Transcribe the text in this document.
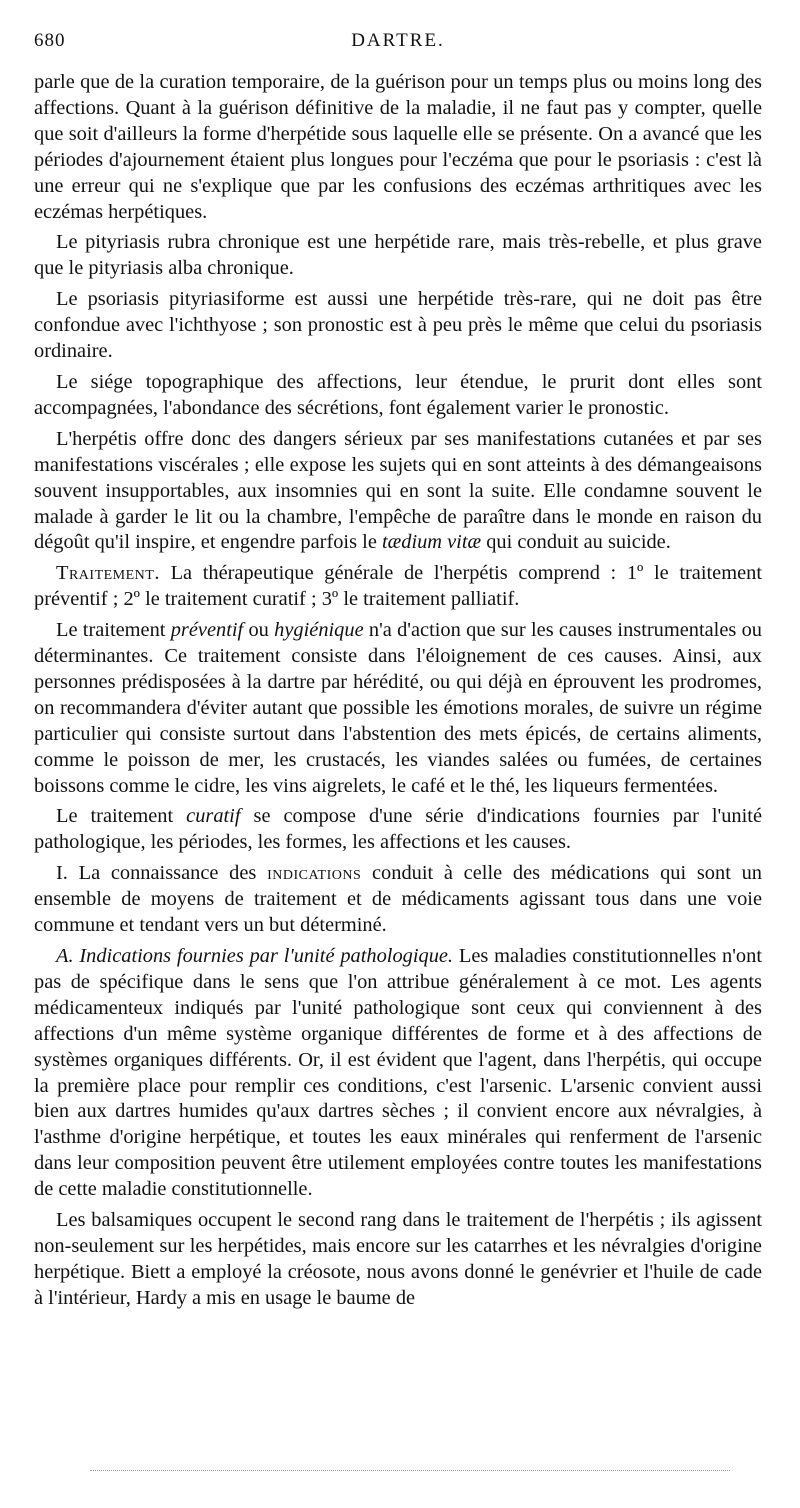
680	DARTRE.

parle que de la curation temporaire, de la guérison pour un temps plus ou moins long des affections. Quant à la guérison définitive de la maladie, il ne faut pas y compter, quelle que soit d'ailleurs la forme d'herpétide sous laquelle elle se présente. On a avancé que les périodes d'ajournement étaient plus longues pour l'eczéma que pour le psoriasis : c'est là une erreur qui ne s'explique que par les confusions des eczémas arthritiques avec les eczémas herpétiques.

Le pityriasis rubra chronique est une herpétide rare, mais très-rebelle, et plus grave que le pityriasis alba chronique.

Le psoriasis pityriasiforme est aussi une herpétide très-rare, qui ne doit pas être confondue avec l'ichthyose ; son pronostic est à peu près le même que celui du psoriasis ordinaire.

Le siége topographique des affections, leur étendue, le prurit dont elles sont accompagnées, l'abondance des sécrétions, font également varier le pronostic.

L'herpétis offre donc des dangers sérieux par ses manifestations cutanées et par ses manifestations viscérales ; elle expose les sujets qui en sont atteints à des démangeaisons souvent insupportables, aux insomnies qui en sont la suite. Elle condamne souvent le malade à garder le lit ou la chambre, l'empêche de paraître dans le monde en raison du dégoût qu'il inspire, et engendre parfois le tædium vitæ qui conduit au suicide.

Traitement. La thérapeutique générale de l'herpétis comprend : 1º le traitement préventif ; 2º le traitement curatif ; 3º le traitement palliatif.

Le traitement préventif ou hygiénique n'a d'action que sur les causes instrumentales ou déterminantes. Ce traitement consiste dans l'éloignement de ces causes. Ainsi, aux personnes prédisposées à la dartre par hérédité, ou qui déjà en éprouvent les prodromes, on recommandera d'éviter autant que possible les émotions morales, de suivre un régime particulier qui consiste surtout dans l'abstention des mets épicés, de certains aliments, comme le poisson de mer, les crustacés, les viandes salées ou fumées, de certaines boissons comme le cidre, les vins aigrelets, le café et le thé, les liqueurs fermentées.

Le traitement curatif se compose d'une série d'indications fournies par l'unité pathologique, les périodes, les formes, les affections et les causes.

I. La connaissance des indications conduit à celle des médications qui sont un ensemble de moyens de traitement et de médicaments agissant tous dans une voie commune et tendant vers un but déterminé.

A. Indications fournies par l'unité pathologique. Les maladies constitutionnelles n'ont pas de spécifique dans le sens que l'on attribue généralement à ce mot. Les agents médicamenteux indiqués par l'unité pathologique sont ceux qui conviennent à des affections d'un même système organique différentes de forme et à des affections de systèmes organiques différents. Or, il est évident que l'agent, dans l'herpétis, qui occupe la première place pour remplir ces conditions, c'est l'arsenic. L'arsenic convient aussi bien aux dartres humides qu'aux dartres sèches ; il convient encore aux névralgies, à l'asthme d'origine herpétique, et toutes les eaux minérales qui renferment de l'arsenic dans leur composition peuvent être utilement employées contre toutes les manifestations de cette maladie constitutionnelle.

Les balsamiques occupent le second rang dans le traitement de l'herpétis ; ils agissent non-seulement sur les herpétides, mais encore sur les catarrhes et les névralgies d'origine herpétique. Biett a employé la créosote, nous avons donné le genévrier et l'huile de cade à l'intérieur, Hardy a mis en usage le baume de
